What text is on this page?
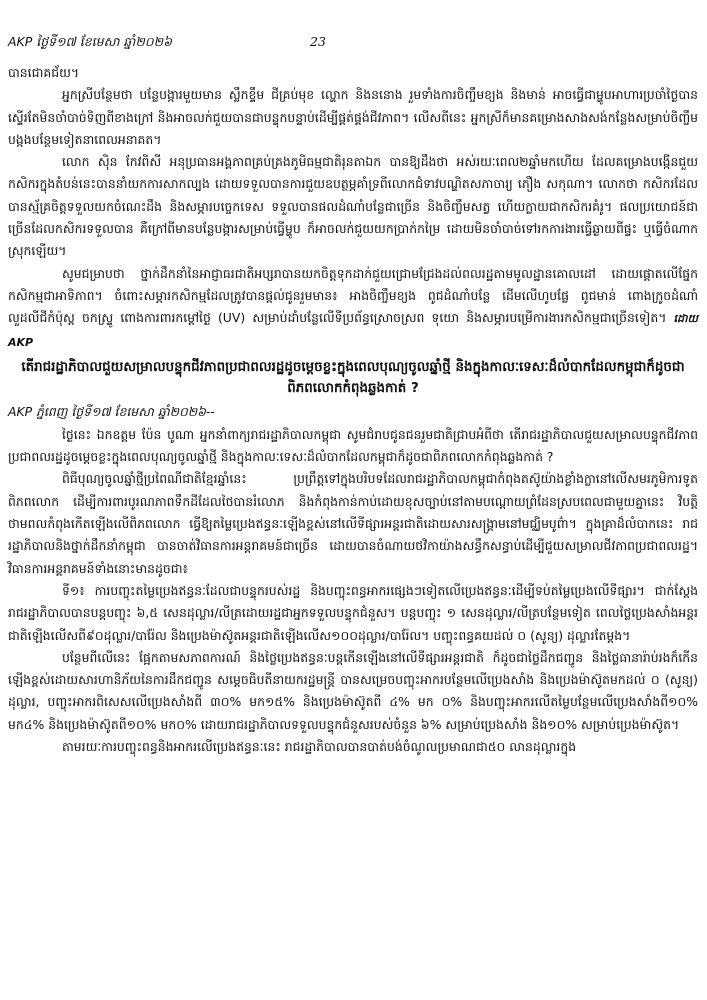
AKP ថ្ងៃទី១៧ ខែមេសា ឆ្នាំ២០២៦	23

បានជោគជ័យ។

អ្នកស្រីបន្ថែមថា បន្លែបង្ការមួយមាន ស្លឹកខ្ទឹម ជីគ្រប់មុខ ល្ហោក និងននោង រួមទាំងការចិញ្ចឹមខ្យង និងមាន់ អាចធ្វើជាម្ហូបអាហារប្រចាំថ្ងៃបាន ស្ទើរតែមិនចាំបាច់ទិញពីខាងក្រៅ និងអាចលក់ជួយបានជាបន្ទុកបន្ទាប់ដើម្បីផ្គត់ផ្គង់ជីវភាព។ លើសពីនេះ អ្នកស្រីក៏មានគម្រោងសាងសង់កន្លែងសម្រាប់ចិញ្ចឹមបង្កងបន្ថែមទៀតនាពេលអនាគត។

លោក ស៊ិន កែវពិសី អនុប្រធានអង្គភាពគ្រប់គ្រងភូមិធម្មជាតិរុនតាឯក បានឱ្យដឹងថា អស់រយៈពេល២ឆ្នាំមកហើយ ដែលគម្រោងបង្កើនជួយកសិករក្នុងតំបន់នេះបាននាំយកការសាកល្បង ដោយទទួលបានការជួយឧបត្ថម្ភគាំទ្រពីលោកជំទាវបណ្ឌិតសភាចារ្យ ភឿង សកុណា។ លោកថា កសិករដែលបានស្ម័គ្រចិត្តទទួលយកចំណេះដឹង និងសម្ភារបច្ចេកទេស ទទួលបានផលដំណាំបន្លែជាច្រើន និងចិញ្ចឹមសត្វ ហើយក្លាយជាកសិករគំរូ។ ផលប្រយោជន៍ជាច្រើនដែលកសិករទទួលបាន គឺក្រៅពីមានបន្លែបង្ការសម្រាប់ធ្វើម្ហូប ក៏អាចលក់ជួយយកប្រាក់កម្រៃ ដោយមិនចាំបាច់ទៅរកការងារធ្វើឆ្ងាយពីផ្ទះ ឬធ្វើចំណាកស្រុកឡើយ។

សូមជម្រាបថា ថ្នាក់ដឹកនាំនៃអាជ្ញាធរជាតិអប្សរាបានយកចិត្តទុកដាក់ជួយជ្រោមជ្រែងដល់ពលរដ្ឋតាមមូលដ្ឋានគោលដៅ ដោយផ្តោតលើផ្នែកកសិកម្មជាអាទិភាព។ ចំពោះសម្ភារកសិកម្មដែលត្រូវបានផ្តល់ជូនរួមមាន៖ អាងចិញ្ចឹមខ្យង ពូជដំណាំបន្លែ ដើមលើហូបផ្លែ ពូជមាន់ ពោងក្រូចដំណាំ លួដលីជីកំប៉ុស្ត ចកស្ទូ្រ ពោងការពារកម្តៅថ្ងៃ (UV) សម្រាប់ដាំបន្លែលើទីប្រព័ន្ធស្រោចស្រព ទុយោ និងសម្ភារបម្រើការងារកសិកម្មជាច្រើនទៀត។ ដោយ AKP

តើរាជរដ្ឋាភិបាលជួយសម្រាលបន្ទុកជីវភាពប្រជាពលរដ្ឋដូចម្តេចខ្លះក្នុងពេលបុណ្យចូលឆ្នាំថ្មី និងក្នុងកាលៈទេសៈដ៏លំបាកដែលកម្ពុជាក៏ដូចជាពិភពលោកកំពុងឆ្លងកាត់ ?
AKP ភ្នំពេញ ថ្ងៃទី១៧ ខែមេសា ឆ្នាំ២០២៦--

ថ្ងៃនេះ ឯកឧត្តម ប៉ែន បូណា អ្នកនាំពាក្យរាជរដ្ឋាភិបាលកម្ពុជា សូមជំរាបជូនជនរួមជាតិជ្រាបអំពីថា តើរាជរដ្ឋាភិបាលជួយសម្រាលបន្ទុកជីវភាពប្រជាពលរដ្ឋដូចម្តេចខ្លះក្នុងពេលបុណ្យចូលឆ្នាំថ្មី និងក្នុងកាលៈទេសៈដ៏លំបាកដែលកម្ពុជាក៏ដូចជាពិភពលោកកំពុងឆ្លងកាត់ ?

ពិធីបុណ្យចូលឆ្នាំថ្មីប្រពៃណីជាតិខ្មែរឆ្នាំនេះ ប្រព្រឹត្តទៅក្នុងបរិបទដែលរាជរដ្ឋាភិបាលកម្ពុជាកំពុងតស៊ូយ៉ាងខ្លាំងក្លានៅលើសមរភូមិការទូតពិភពលោក ដើម្បីការពារបូរណភាពទឹកដីដែលថៃបានរំលោភ និងកំពុងកាន់កាប់ដោយខុសច្បាប់នៅតាមបណ្តោយព្រំដែនស្របពេលជាមួយគ្នានេះ វិបត្តិថាមពលកំពុងកើតឡើងលើពិភពលោក ធ្វើឱ្យតម្លៃប្រេងឥន្ធនៈឡើងខ្ពស់នៅលើទីផ្សារអន្តរជាតិដោយសារសង្គ្រាមនៅមជ្ឈិមបូព៌ា។ ក្នុងគ្រាដ៏លំបាកនេះ រាជរដ្ឋាភិបាលនិងថ្នាក់ដឹកនាំកម្ពុជា បានចាត់វិធានការអន្តរាគមន៍ជាច្រើន ដោយបានចំណាយថវិកាយ៉ាងសន្ធឹកសន្ធាប់ដើម្បីជួយសម្រាលជីវភាពប្រជាពលរដ្ឋ។ វិធានការអន្តរាគមន៍ទាំងនោះមានដូចជា៖

ទី១៖ ការបញ្ចុះតម្លៃប្រេងឥន្ធនៈដែលជាបន្ទុករបស់រដ្ឋ និងបញ្ចុះពន្ធអាករផ្សេងៗទៀតលើប្រេងឥន្ធនៈដើម្បីទប់តម្លៃប្រេងលើទីផ្សារ។ ជាក់ស្តែង រាជរដ្ឋាភិបាលបានបន្តបញ្ចុះ ៦,៥ សេនដុល្លារ/លីត្រដោយរដ្ឋជាអ្នកទទួលបន្ទុកជំនួស។ បន្តបញ្ចុះ ១ សេនដុល្លារ/លីត្របន្ថែមទៀត ពេលថ្លៃប្រេងសាំងអន្តរជាតិឡើងលើសពី៩០ដុល្លារ/បារ៉ែល និងប្រេងម៉ាស៊ូតអន្តរជាតិឡើងលើស១០០ដុល្លារ/បារ៉ែល។ បញ្ចុះពន្ធគយដល់ ០ (សូន្យ) ដុល្លារតែម្តង។

បន្ថែមពីលើនេះ ផ្អែកតាមសភាពការណ៍ និងថ្លៃប្រេងឥន្ធនៈបន្តកើនឡើងនៅលើទីផ្សារអន្តរជាតិ ក៏ដូចជាថ្លៃដឹកជញ្ជូន និងថ្លៃធានារ៉ាប់រងក៏កើនឡើងខ្ពស់ដោយសារហានិភ័យនៃការដឹកជញ្ជូន សម្តេចធិបតីនាយករដ្ឋមន្ត្រី បានសម្រេចបញ្ចុះអាករបន្ថែមលើប្រេងសាំង និងប្រេងម៉ាស៊ូតមកដល់ ០ (សូន្យ) ដុល្លារ, បញ្ចុះអាករពិសេសលើប្រេងសាំងពី ៣០% មក១៥% និងប្រេងម៉ាស៊ូតពី ៤% មក ០% និងបញ្ចុះអាករលើតម្លៃបន្ថែមលើប្រេងសាំងពី១០% មក៤% និងប្រេងម៉ាស៊ូតពី១០% មក០% ដោយរាជរដ្ឋាភិបាលទទួលបន្ទុកជំនួសរបស់ចំនួន ៦% សម្រាប់ប្រេងសាំង និង១០% សម្រាប់ប្រេងម៉ាស៊ូត។

តាមរយៈការបញ្ចុះពន្ធនិងអាករលើប្រេងឥន្ធនៈនេះ រាជរដ្ឋាភិបាលបានបាត់បង់ចំណូលប្រមាណជា៥០ លានដុល្លារក្នុង
